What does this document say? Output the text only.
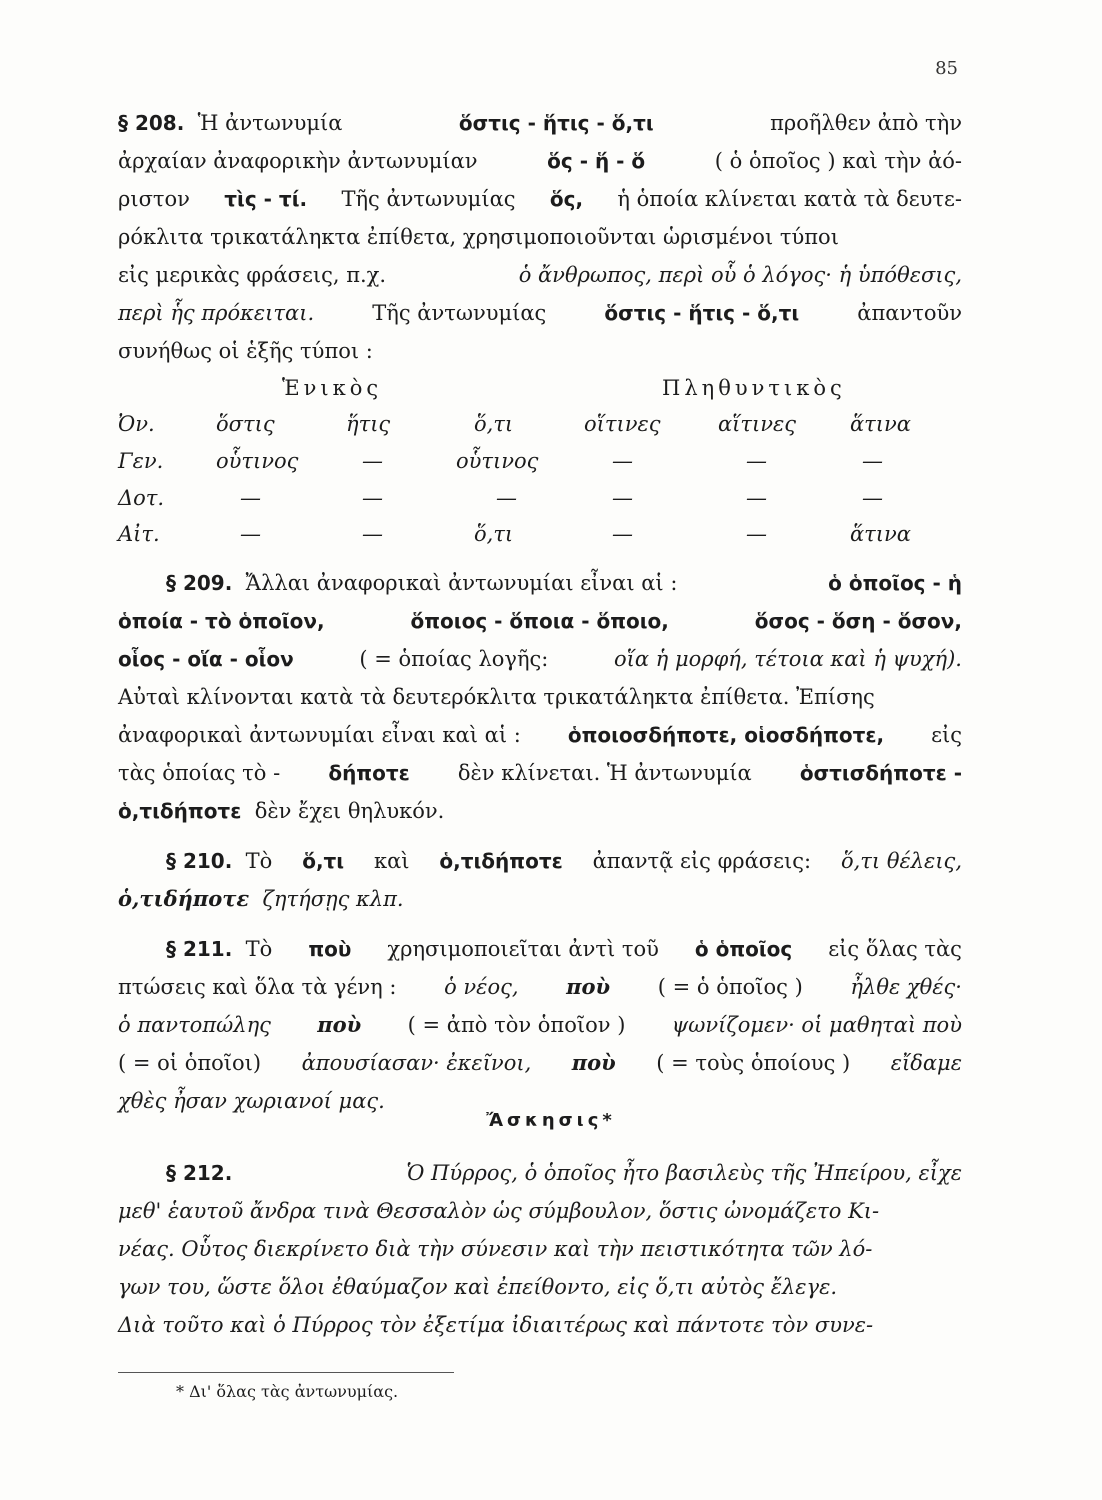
85
§ 208. Ἡ ἀντωνυμία	ὅστις - ἥτις - ὅ,τι	προῆλθεν ἀπὸ τὴν
ἀρχαίαν ἀναφορικὴν ἀντωνυμίαν	ὅς - ἥ - ὅ	( ὁ ὁποῖος ) καὶ τὴν ἀό-
ριστον τὶς - τί. Τῆς ἀντωνυμίας ὅς, ἡ ὁποία κλίνεται κατὰ τὰ δευτε-
ρόκλιτα τρικατάληκτα ἐπίθετα, χρησιμοποιοῦνται ὡρισμένοι τύποι
εἰς μερικὰς φράσεις, π.χ.	ὁ ἄνθρωπος, περὶ οὗ ὁ λόγος· ἡ ὑπόθεσις,
περὶ ἧς πρόκειται.	Τῆς ἀντωνυμίας	ὅστις - ἥτις - ὅ,τι	ἀπαντοῦν
συνήθως οἱ ἑξῆς τύποι :
Ἑνικὸς	Πληθυντικὸς
Ὀν.	ὅστις	ἥτις	ὅ,τι	οἵτινες	αἵτινες	ἅτινα
Γεν.	οὗτινος	—	οὗτινος	—	—	—
Δοτ.	—	—	—	—	—	—
Αἰτ.	—	—	ὅ,τι	—	—	ἅτινα
§ 209. Ἄλλαι ἀναφορικαὶ ἀντωνυμίαι εἶναι αἱ :	ὁ ὁποῖος - ἡ
ὁποία - τὸ ὁποῖον,	ὅποιος - ὅποια - ὅποιο,	ὅσος - ὅση - ὅσον,
οἷος - οἵα - οἷον	( = ὁποίας λογῆς:	οἵα ἡ μορφή, τέτοια καὶ ἡ ψυχή).
Αὐταὶ κλίνονται κατὰ τὰ δευτερόκλιτα τρικατάληκτα ἐπίθετα. Ἐπίσης
ἀναφορικαὶ ἀντωνυμίαι εἶναι καὶ αἱ : ὁποιοσδήποτε, οἱοσδήποτε, εἰς
τὰς ὁποίας τὸ - δήποτε δὲν κλίνεται. Ἡ ἀντωνυμία ὁστισδήποτε -
ὁ,τιδήποτε
δὲν ἔχει θηλυκόν.
§ 210. Τὸ ὅ,τι καὶ ὁ,τιδήποτε ἀπαντᾷ εἰς φράσεις: ὅ,τι θέλεις,
ὁ,τιδήποτε
ζητήσῃς κλπ.
§ 211. Τὸ ποὺ χρησιμοποιεῖται ἀντὶ τοῦ ὁ ὁποῖος εἰς ὅλας τὰς
πτώσεις καὶ ὅλα τὰ γένη : ὁ νέος, ποὺ ( = ὁ ὁποῖος ) ἦλθε χθές·
ὁ παντοπώλης ποὺ ( = ἀπὸ τὸν ὁποῖον ) ψωνίζομεν· οἱ μαθηταὶ ποὺ
( = οἱ ὁποῖοι) ἀπουσίασαν· ἐκεῖνοι, ποὺ ( = τοὺς ὁποίους ) εἴδαμε
χθὲς ἦσαν χωριανοί μας.
Ἄσκησις*
§ 212.	Ὁ Πύρρος, ὁ ὁποῖος ἦτο βασιλεὺς τῆς Ἠπείρου, εἶχε
μεθ' ἑαυτοῦ ἄνδρα τινὰ Θεσσαλὸν ὡς σύμβουλον, ὅστις ὠνομάζετο Κι-
νέας. Οὗτος διεκρίνετο διὰ τὴν σύνεσιν καὶ τὴν πειστικότητα τῶν λό-
γων του, ὥστε ὅλοι ἐθαύμαζον καὶ ἐπείθοντο, εἰς ὅ,τι αὐτὸς ἔλεγε.
Διὰ τοῦτο καὶ ὁ Πύρρος τὸν ἐξετίμα ἰδιαιτέρως καὶ πάντοτε τὸν συνε-
* Δι' ὅλας τὰς ἀντωνυμίας.
